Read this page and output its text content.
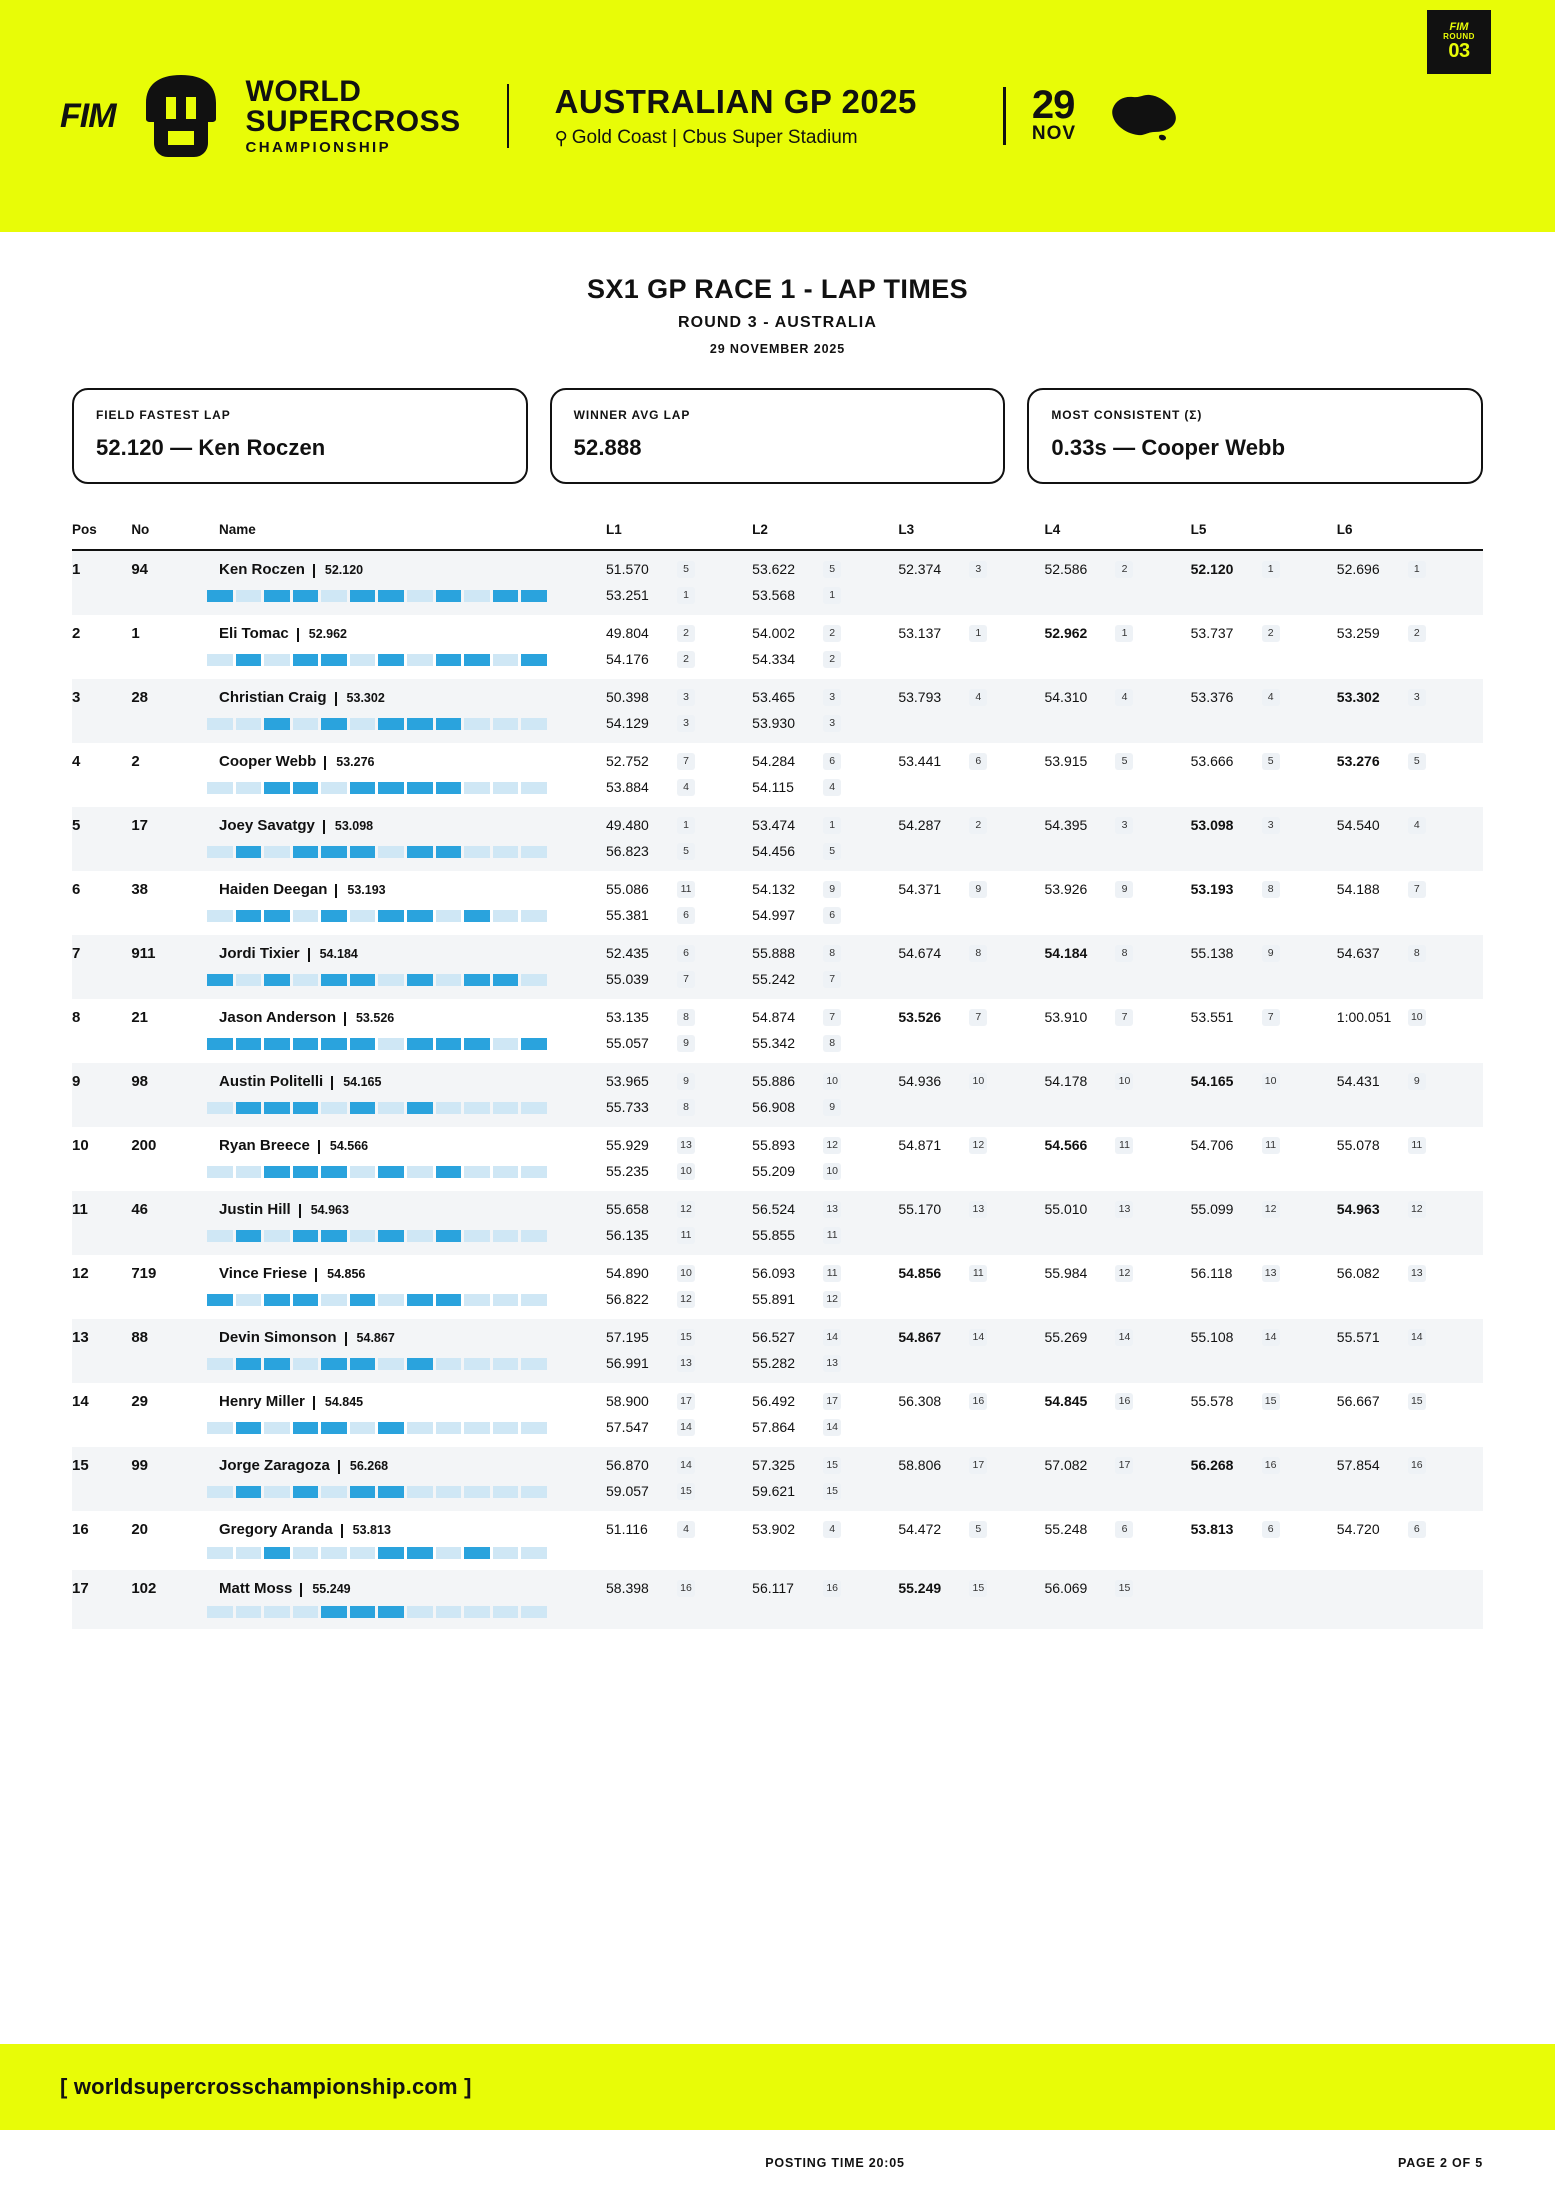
FIM
WORLD
SUPERCROSS
CHAMPIONSHIP
AUSTRALIAN GP 2025
⚲ Gold Coast | Cbus Super Stadium
29
NOV
FIM
ROUND
03
SX1 GP RACE 1 - LAP TIMES
ROUND 3 - AUSTRALIA
29 NOVEMBER 2025
FIELD FASTEST LAP
52.120 — Ken Roczen
WINNER AVG LAP
52.888
MOST CONSISTENT (Σ)
0.33s — Cooper Webb
Pos	No	Name	L1	L2	L3	L4	L5	L6
1	94	Ken Roczen 52.120	51.570 5	53.622 5	52.374 3	52.586 2	52.120 1	52.696 1

			53.251 1	53.568 1				
2	1	Eli Tomac 52.962	49.804 2	54.002 2	53.137 1	52.962 1	53.737 2	53.259 2

			54.176 2	54.334 2				
3	28	Christian Craig 53.302	50.398 3	53.465 3	53.793 4	54.310 4	53.376 4	53.302 3

			54.129 3	53.930 3				
4	2	Cooper Webb 53.276	52.752 7	54.284 6	53.441 6	53.915 5	53.666 5	53.276 5

			53.884 4	54.115 4				
5	17	Joey Savatgy 53.098	49.480 1	53.474 1	54.287 2	54.395 3	53.098 3	54.540 4

			56.823 5	54.456 5				
6	38	Haiden Deegan 53.193	55.086 11	54.132 9	54.371 9	53.926 9	53.193 8	54.188 7

			55.381 6	54.997 6				
7	911	Jordi Tixier 54.184	52.435 6	55.888 8	54.674 8	54.184 8	55.138 9	54.637 8

			55.039 7	55.242 7				
8	21	Jason Anderson 53.526	53.135 8	54.874 7	53.526 7	53.910 7	53.551 7	1:00.051 10

			55.057 9	55.342 8				
9	98	Austin Politelli 54.165	53.965 9	55.886 10	54.936 10	54.178 10	54.165 10	54.431 9

			55.733 8	56.908 9				
10	200	Ryan Breece 54.566	55.929 13	55.893 12	54.871 12	54.566 11	54.706 11	55.078 11

			55.235 10	55.209 10				
11	46	Justin Hill 54.963	55.658 12	56.524 13	55.170 13	55.010 13	55.099 12	54.963 12

			56.135 11	55.855 11				
12	719	Vince Friese 54.856	54.890 10	56.093 11	54.856 11	55.984 12	56.118 13	56.082 13

			56.822 12	55.891 12				
13	88	Devin Simonson 54.867	57.195 15	56.527 14	54.867 14	55.269 14	55.108 14	55.571 14

			56.991 13	55.282 13				
14	29	Henry Miller 54.845	58.900 17	56.492 17	56.308 16	54.845 16	55.578 15	56.667 15

			57.547 14	57.864 14				
15	99	Jorge Zaragoza 56.268	56.870 14	57.325 15	58.806 17	57.082 17	56.268 16	57.854 16

			59.057 15	59.621 15				
16	20	Gregory Aranda 53.813	51.116 4	53.902 4	54.472 5	55.248 6	53.813 6	54.720 6

17	102	Matt Moss 55.249	58.398 16	56.117 16	55.249 15	56.069 15		

[ worldsupercrosschampionship.com ]
POSTING TIME 20:05	PAGE 2 OF 5
